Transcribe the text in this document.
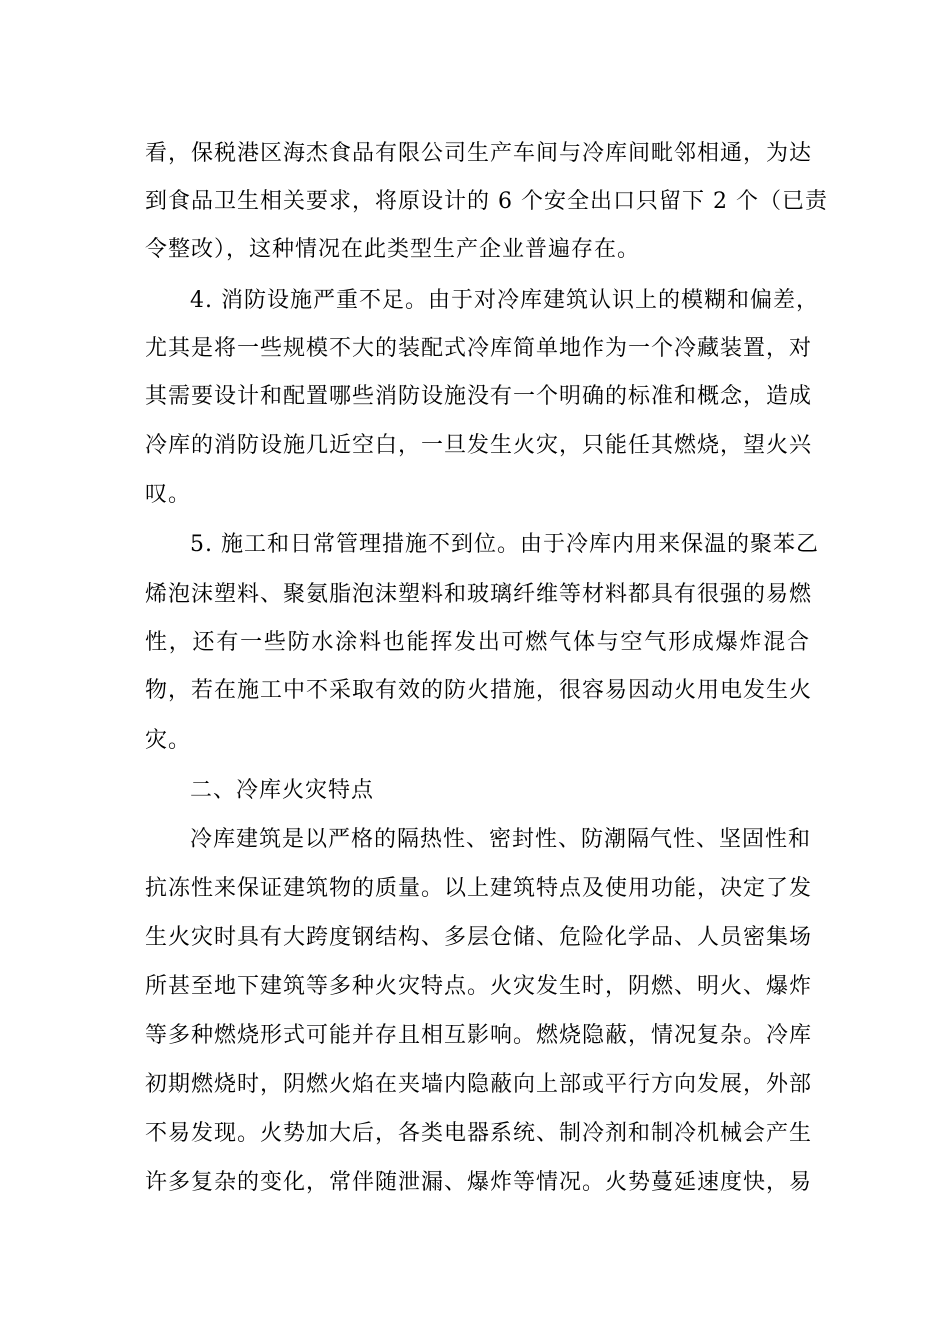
看，保税港区海杰食品有限公司生产车间与冷库间毗邻相通，为达
到食品卫生相关要求，将原设计的 6 个安全出口只留下 2 个（已责
令整改），这种情况在此类型生产企业普遍存在。
4. 消防设施严重不足。由于对冷库建筑认识上的模糊和偏差，
尤其是将一些规模不大的装配式冷库简单地作为一个冷藏装置，对
其需要设计和配置哪些消防设施没有一个明确的标准和概念，造成
冷库的消防设施几近空白，一旦发生火灾，只能任其燃烧，望火兴
叹。
5. 施工和日常管理措施不到位。由于冷库内用来保温的聚苯乙
烯泡沫塑料、聚氨脂泡沫塑料和玻璃纤维等材料都具有很强的易燃
性，还有一些防水涂料也能挥发出可燃气体与空气形成爆炸混合
物，若在施工中不采取有效的防火措施，很容易因动火用电发生火
灾。
二、冷库火灾特点
冷库建筑是以严格的隔热性、密封性、防潮隔气性、坚固性和
抗冻性来保证建筑物的质量。以上建筑特点及使用功能，决定了发
生火灾时具有大跨度钢结构、多层仓储、危险化学品、人员密集场
所甚至地下建筑等多种火灾特点。火灾发生时，阴燃、明火、爆炸
等多种燃烧形式可能并存且相互影响。燃烧隐蔽，情况复杂。冷库
初期燃烧时，阴燃火焰在夹墙内隐蔽向上部或平行方向发展，外部
不易发现。火势加大后，各类电器系统、制冷剂和制冷机械会产生
许多复杂的变化，常伴随泄漏、爆炸等情况。火势蔓延速度快，易
